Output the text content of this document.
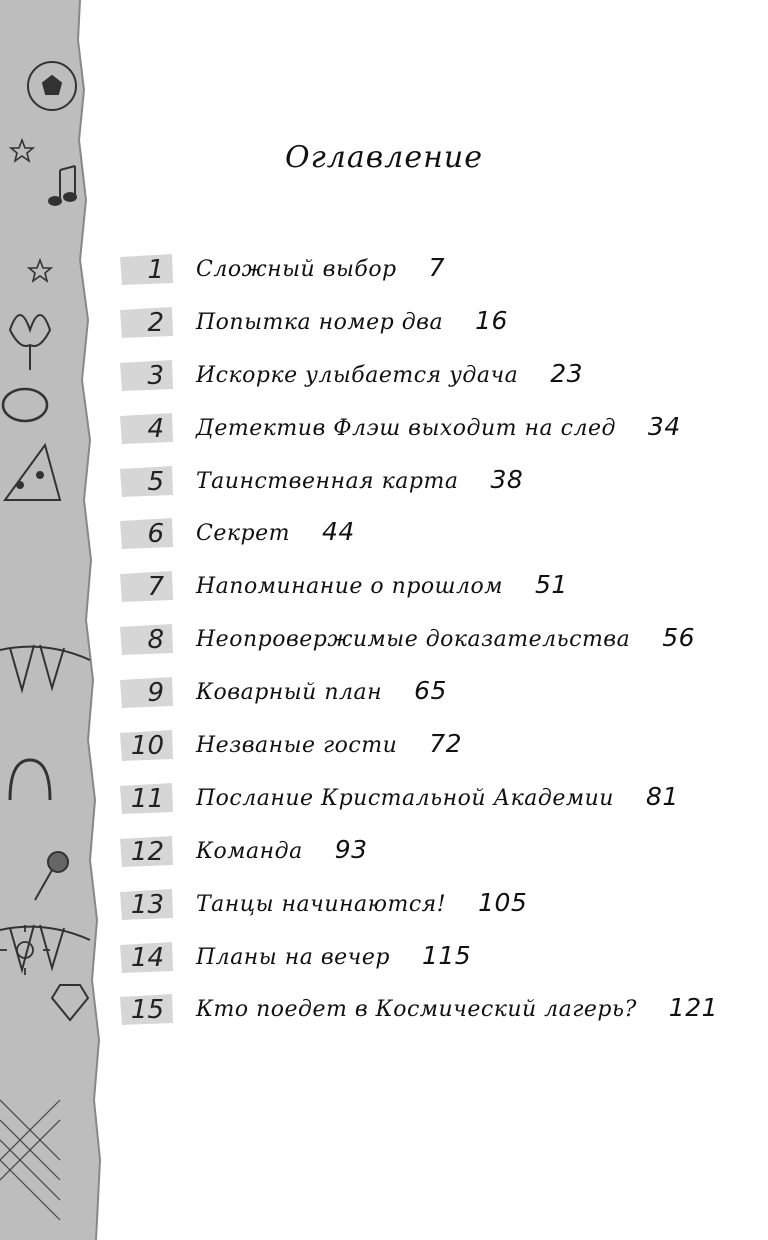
Оглавление
1 Сложный выбор 7
2 Попытка номер два 16
3 Искорке улыбается удача 23
4 Детектив Флэш выходит на след 34
5 Таинственная карта 38
6 Секрет 44
7 Напоминание о прошлом 51
8 Неопровержимые доказательства 56
9 Коварный план 65
10 Незваные гости 72
11 Послание Кристальной Академии 81
12 Команда 93
13 Танцы начинаются! 105
14 Планы на вечер 115
15 Кто поедет в Космический лагерь? 121
